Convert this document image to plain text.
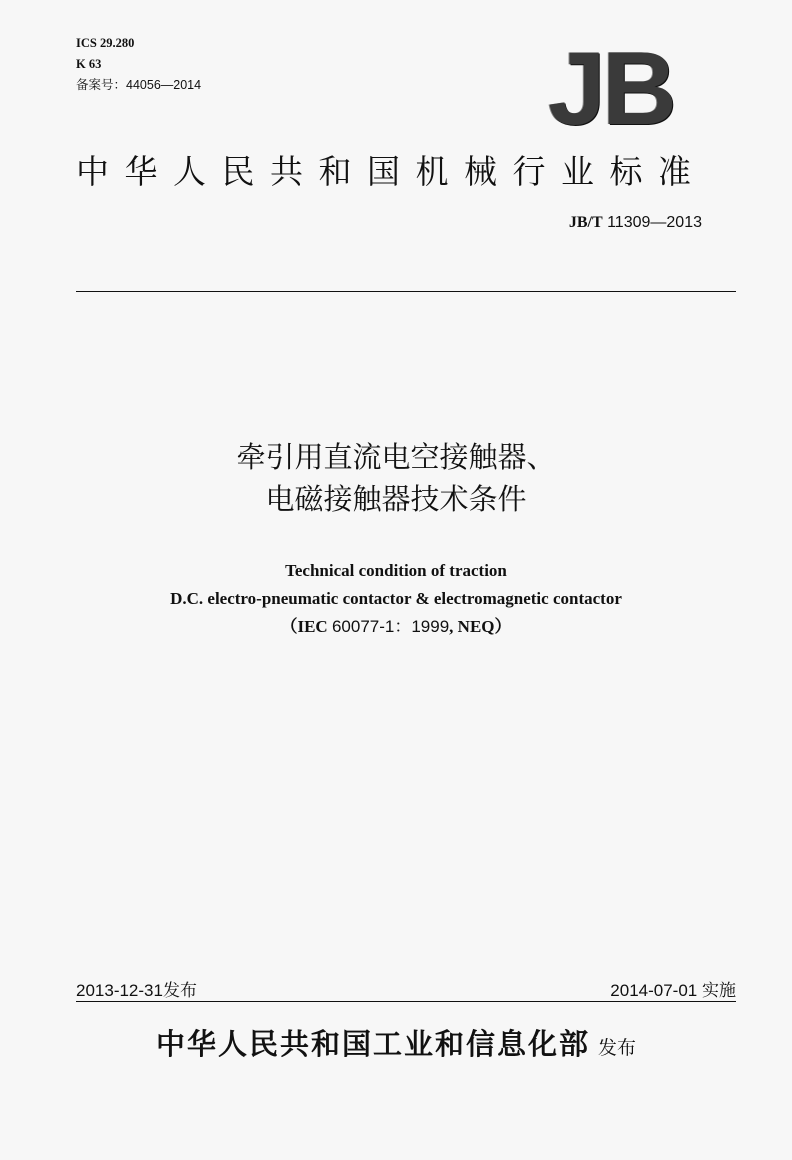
ICS 29.280
K 63
备案号：44056—2014	JB
中华人民共和国机械行业标准
JB/T 11309—2013
牵引用直流电空接触器、
电磁接触器技术条件
Technical condition of traction
D.C. electro-pneumatic contactor & electromagnetic contactor
（IEC 60077-1：1999, NEQ）
2013-12-31发布	2014-07-01 实施
中华人民共和国工业和信息化部 发布
